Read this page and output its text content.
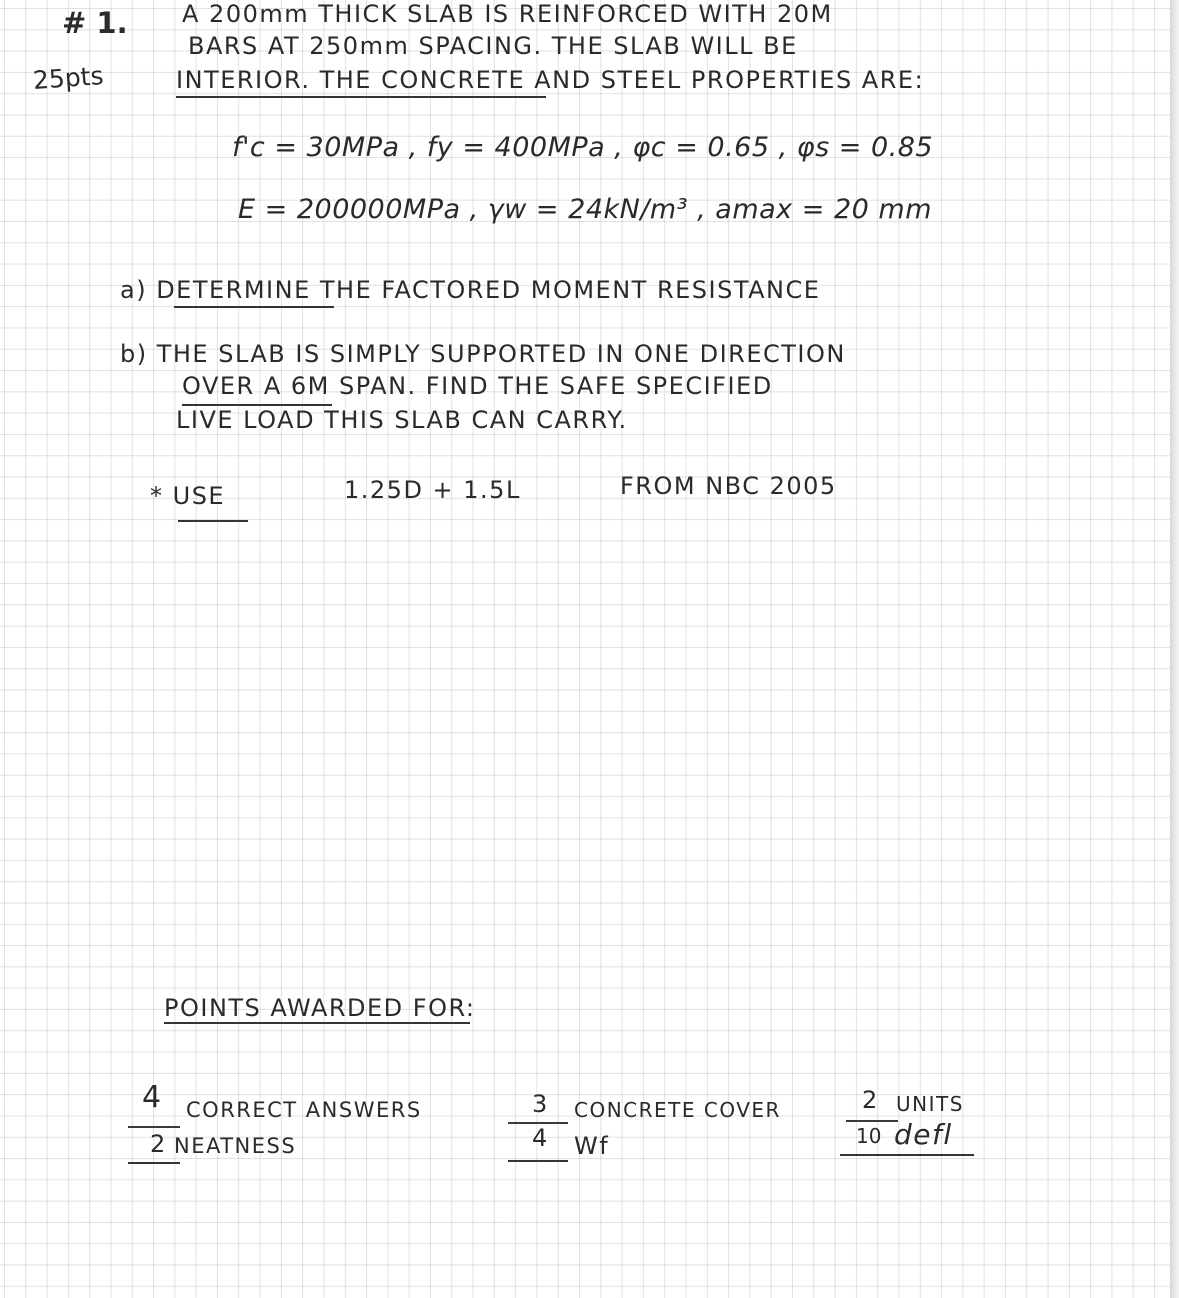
# 1.
25pts
A 200mm THICK SLAB IS REINFORCED WITH 20M
BARS AT 250mm SPACING. THE SLAB WILL BE
INTERIOR. THE CONCRETE AND STEEL PROPERTIES ARE:
f'c = 30MPa , fy = 400MPa , φc = 0.65 , φs = 0.85
E = 200000MPa , γw = 24kN/m³ , amax = 20 mm
a) DETERMINE THE FACTORED MOMENT RESISTANCE
b) THE SLAB IS SIMPLY SUPPORTED IN ONE DIRECTION
OVER A 6M SPAN. FIND THE SAFE SPECIFIED
LIVE LOAD THIS SLAB CAN CARRY.
* USE	1.25D + 1.5L	FROM NBC 2005
POINTS AWARDED FOR:
4 CORRECT ANSWERS
2 NEATNESS
3 CONCRETE COVER
4 Wf
2 UNITS
10 defl
